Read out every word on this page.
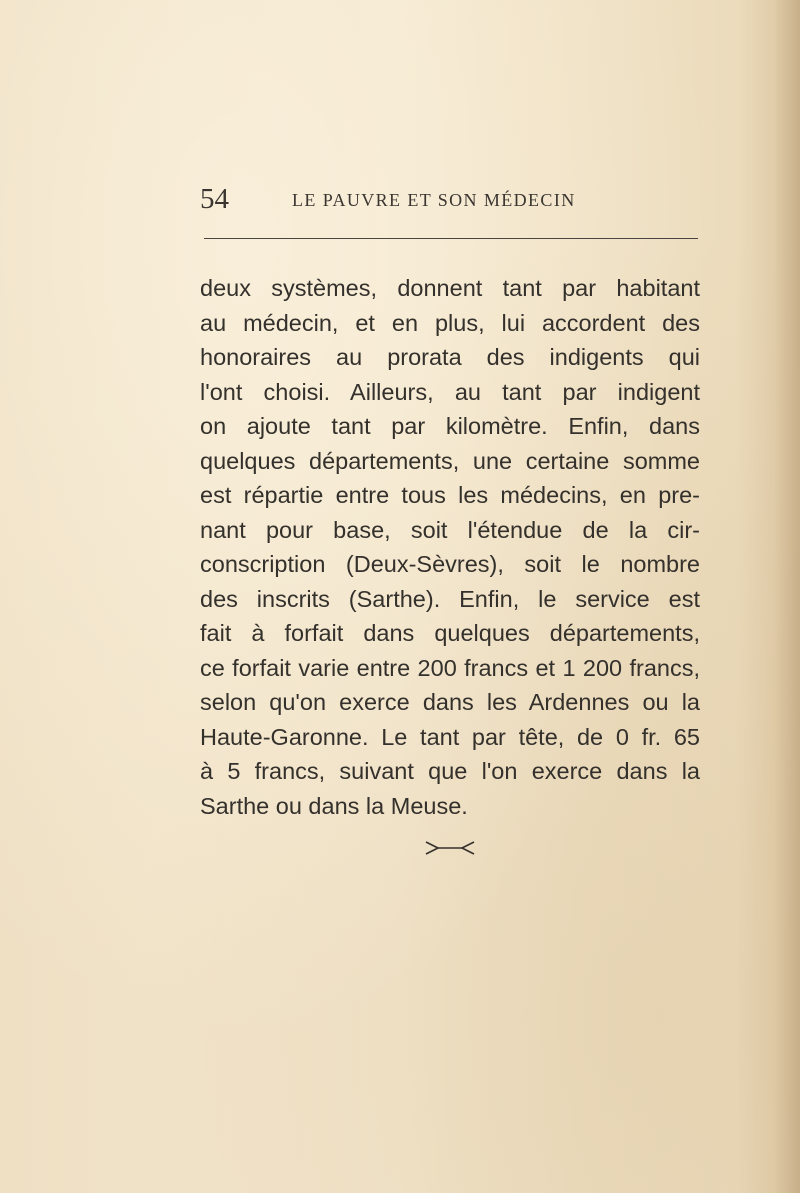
54	LE PAUVRE ET SON MÉDECIN
deux systèmes, donnent tant par habitant
au médecin, et en plus, lui accordent des
honoraires au prorata des indigents qui
l'ont choisi. Ailleurs, au tant par indigent
on ajoute tant par kilomètre. Enfin, dans
quelques départements, une certaine somme
est répartie entre tous les médecins, en pre-
nant pour base, soit l'étendue de la cir-
conscription (Deux-Sèvres), soit le nombre
des inscrits (Sarthe). Enfin, le service est
fait à forfait dans quelques départements,
ce forfait varie entre 200 francs et 1 200 francs,
selon qu'on exerce dans les Ardennes ou la
Haute-Garonne. Le tant par tête, de 0 fr. 65
à 5 francs, suivant que l'on exerce dans la
Sarthe ou dans la Meuse.
